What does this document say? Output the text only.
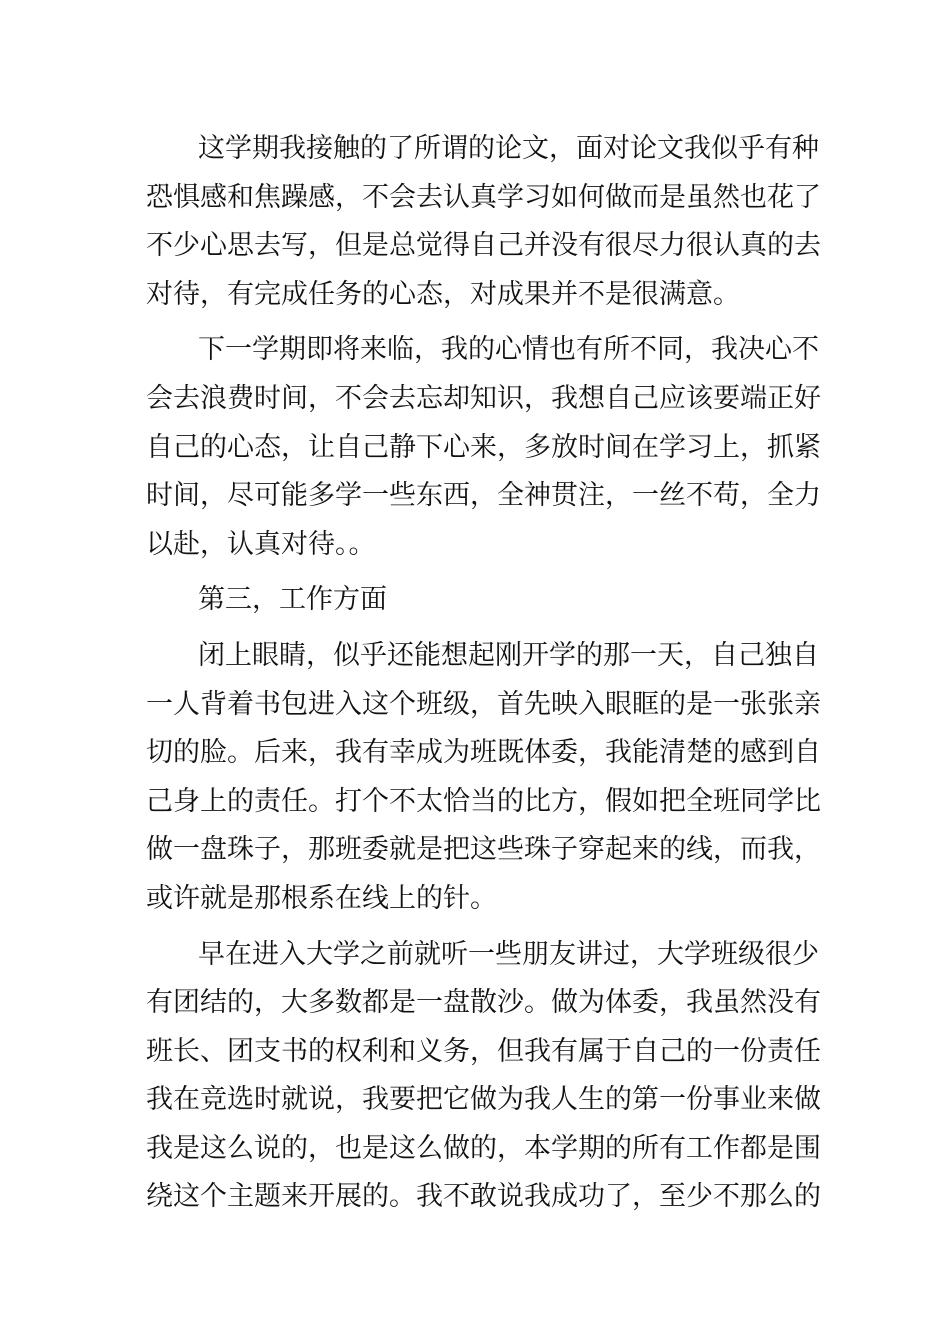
这学期我接触的了所谓的论文，面对论文我似乎有种
恐惧感和焦躁感，不会去认真学习如何做而是虽然也花了
不少心思去写，但是总觉得自己并没有很尽力很认真的去
对待，有完成任务的心态，对成果并不是很满意。
下一学期即将来临，我的心情也有所不同，我决心不
会去浪费时间，不会去忘却知识，我想自己应该要端正好
自己的心态，让自己静下心来，多放时间在学习上，抓紧
时间，尽可能多学一些东西，全神贯注，一丝不苟，全力
以赴，认真对待。。
第三，工作方面
闭上眼睛，似乎还能想起刚开学的那一天，自己独自
一人背着书包进入这个班级，首先映入眼眶的是一张张亲
切的脸。后来，我有幸成为班既体委，我能清楚的感到自
己身上的责任。打个不太恰当的比方，假如把全班同学比
做一盘珠子，那班委就是把这些珠子穿起来的线，而我，
或许就是那根系在线上的针。
早在进入大学之前就听一些朋友讲过，大学班级很少
有团结的，大多数都是一盘散沙。做为体委，我虽然没有
班长、团支书的权利和义务，但我有属于自己的一份责任
我在竞选时就说，我要把它做为我人生的第一份事业来做
我是这么说的，也是这么做的，本学期的所有工作都是围
绕这个主题来开展的。我不敢说我成功了，至少不那么的
